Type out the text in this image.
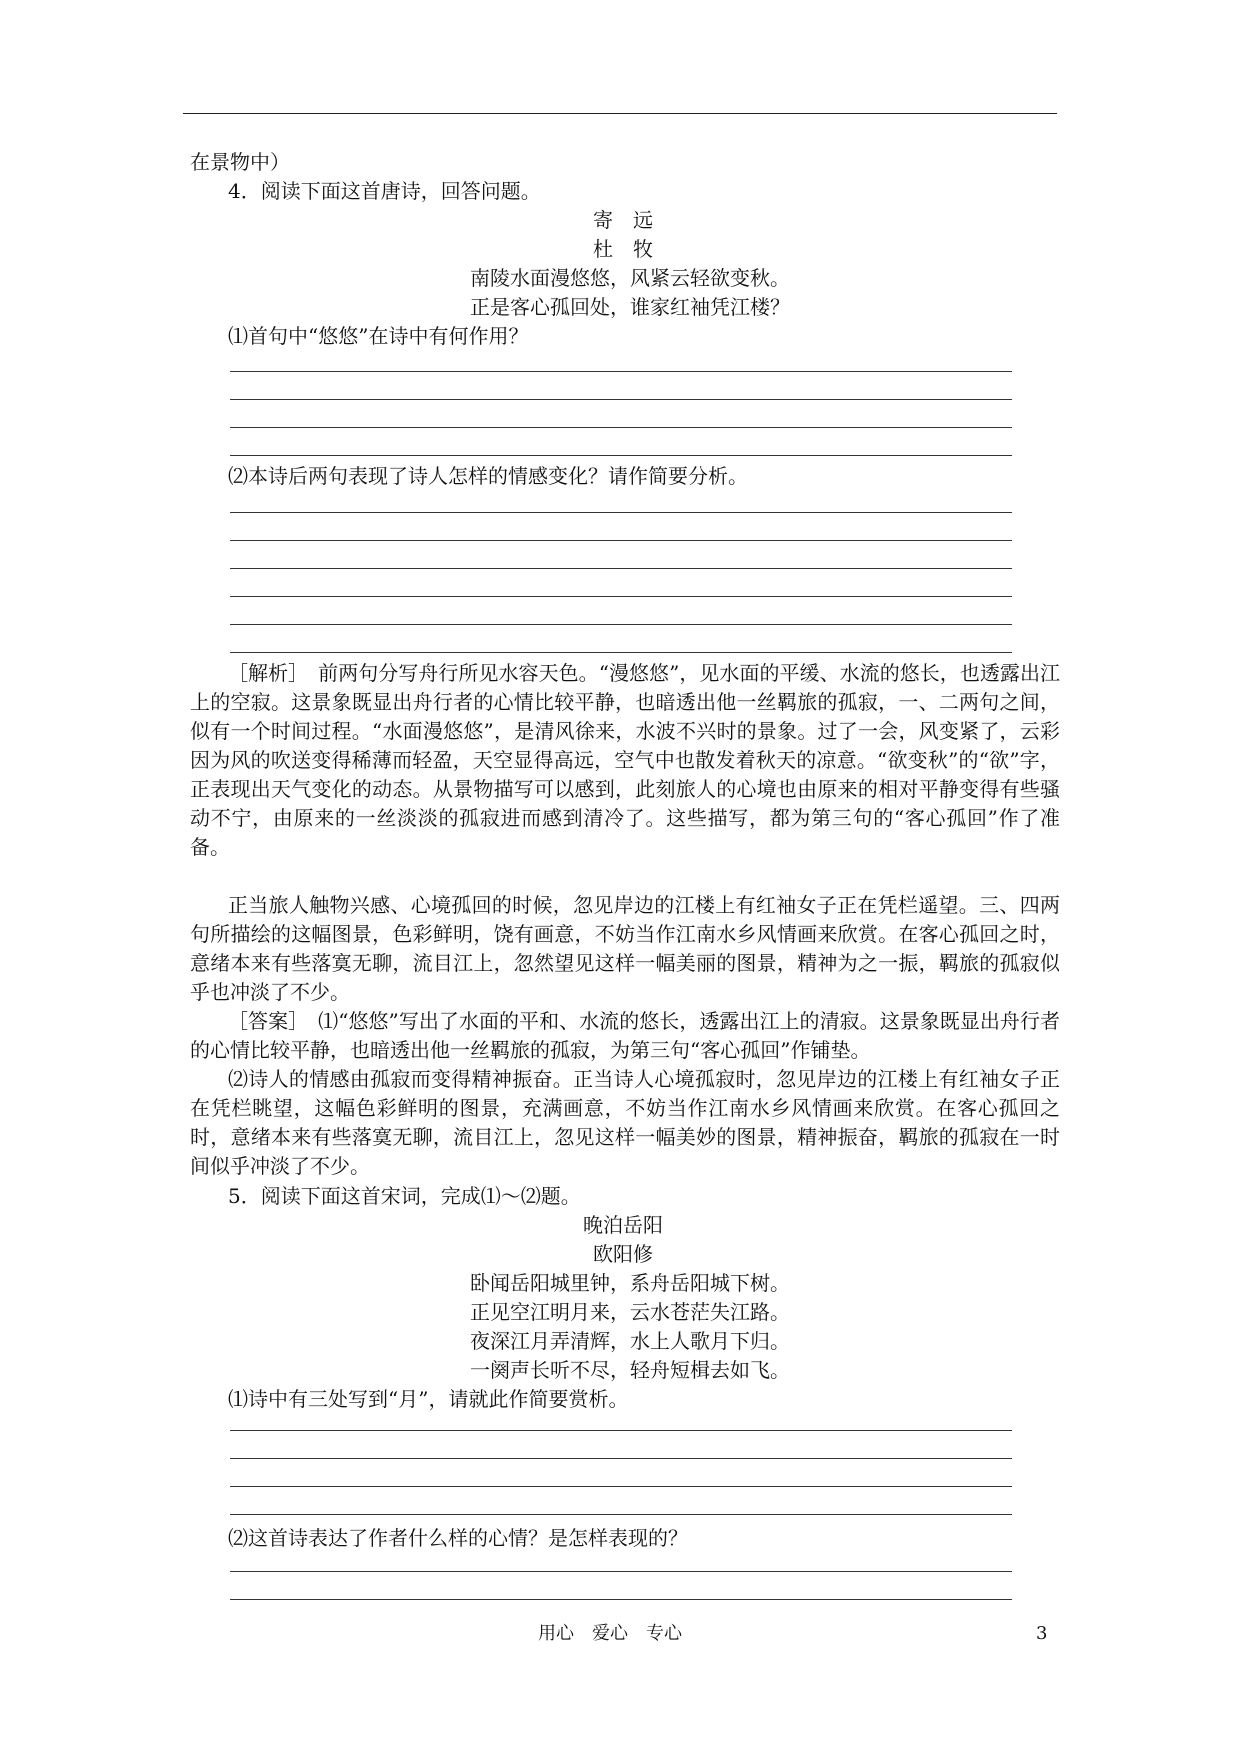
在景物中）
4．阅读下面这首唐诗，回答问题。
寄　远
杜　牧
南陵水面漫悠悠，风紧云轻欲变秋。
正是客心孤回处，谁家红袖凭江楼？
⑴首句中“悠悠”在诗中有何作用？
⑵本诗后两句表现了诗人怎样的情感变化？请作简要分析。
［解析］　前两句分写舟行所见水容天色。“漫悠悠”，见水面的平缓、水流的悠长，也透露出江上的空寂。这景象既显出舟行者的心情比较平静，也暗透出他一丝羁旅的孤寂，一、二两句之间，似有一个时间过程。“水面漫悠悠”，是清风徐来，水波不兴时的景象。过了一会，风变紧了，云彩因为风的吹送变得稀薄而轻盈，天空显得高远，空气中也散发着秋天的凉意。“欲变秋”的“欲”字，正表现出天气变化的动态。从景物描写可以感到，此刻旅人的心境也由原来的相对平静变得有些骚动不宁，由原来的一丝淡淡的孤寂进而感到清冷了。这些描写，都为第三句的“客心孤回”作了准备。
正当旅人触物兴感、心境孤回的时候，忽见岸边的江楼上有红袖女子正在凭栏遥望。三、四两句所描绘的这幅图景，色彩鲜明，饶有画意，不妨当作江南水乡风情画来欣赏。在客心孤回之时，意绪本来有些落寞无聊，流目江上，忽然望见这样一幅美丽的图景，精神为之一振，羁旅的孤寂似乎也冲淡了不少。
［答案］　⑴“悠悠”写出了水面的平和、水流的悠长，透露出江上的清寂。这景象既显出舟行者的心情比较平静，也暗透出他一丝羁旅的孤寂，为第三句“客心孤回”作铺垫。
⑵诗人的情感由孤寂而变得精神振奋。正当诗人心境孤寂时，忽见岸边的江楼上有红袖女子正在凭栏眺望，这幅色彩鲜明的图景，充满画意，不妨当作江南水乡风情画来欣赏。在客心孤回之时，意绪本来有些落寞无聊，流目江上，忽见这样一幅美妙的图景，精神振奋，羁旅的孤寂在一时间似乎冲淡了不少。
5．阅读下面这首宋词，完成⑴～⑵题。
晚泊岳阳
欧阳修
卧闻岳阳城里钟，系舟岳阳城下树。
正见空江明月来，云水苍茫失江路。
夜深江月弄清辉，水上人歌月下归。
一阕声长听不尽，轻舟短楫去如飞。
⑴诗中有三处写到“月”，请就此作简要赏析。
⑵这首诗表达了作者什么样的心情？是怎样表现的？
用心　爱心　专心	3
